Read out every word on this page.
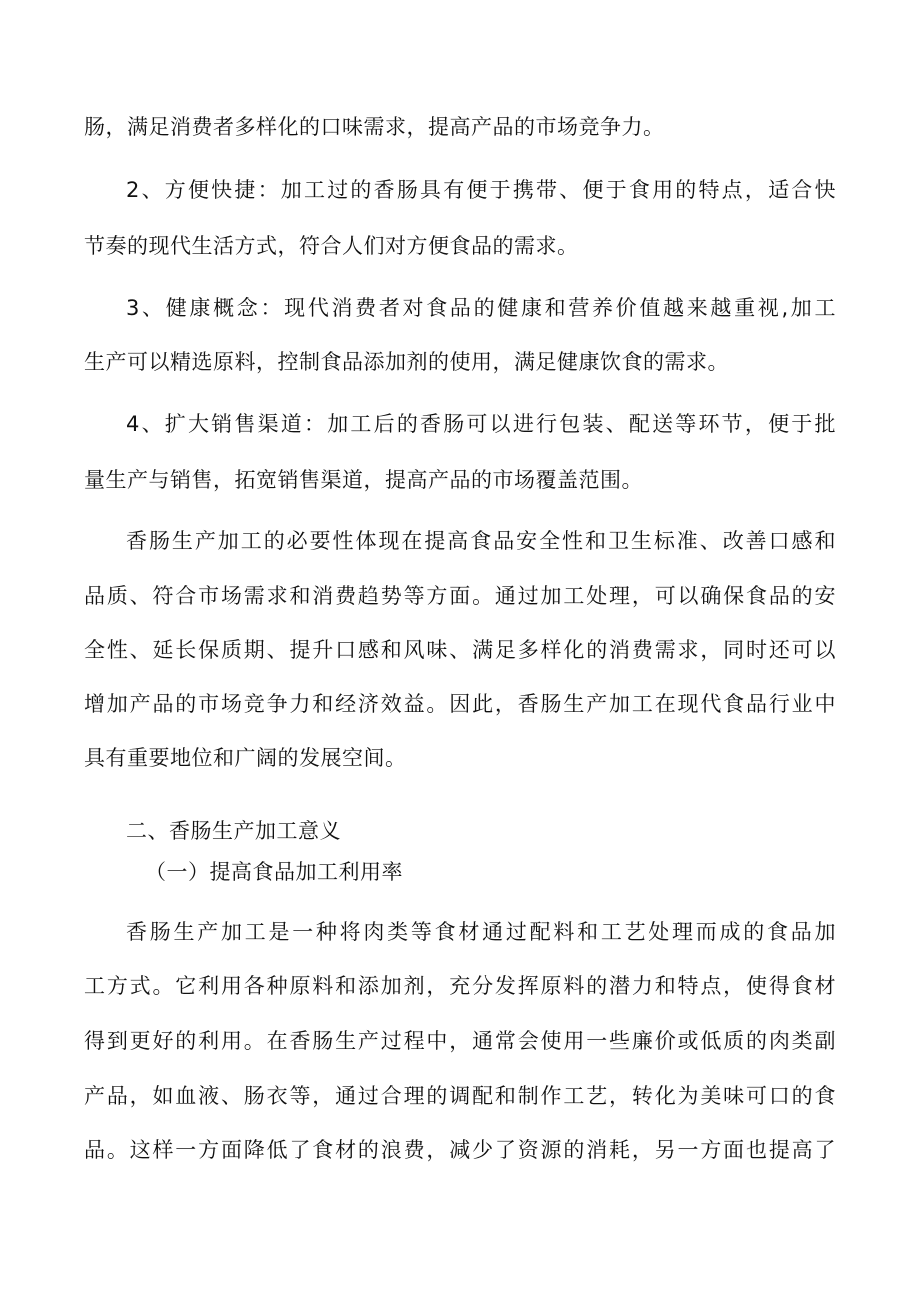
肠，满足消费者多样化的口味需求，提高产品的市场竞争力。

2、方便快捷：加工过的香肠具有便于携带、便于食用的特点，适合快

节奏的现代生活方式，符合人们对方便食品的需求。

3、健康概念：现代消费者对食品的健康和营养价值越来越重视,加工

生产可以精选原料，控制食品添加剂的使用，满足健康饮食的需求。

4、扩大销售渠道：加工后的香肠可以进行包装、配送等环节，便于批

量生产与销售，拓宽销售渠道，提高产品的市场覆盖范围。

香肠生产加工的必要性体现在提高食品安全性和卫生标准、改善口感和

品质、符合市场需求和消费趋势等方面。通过加工处理，可以确保食品的安

全性、延长保质期、提升口感和风味、满足多样化的消费需求，同时还可以

增加产品的市场竞争力和经济效益。因此，香肠生产加工在现代食品行业中

具有重要地位和广阔的发展空间。

二、香肠生产加工意义

（一）提高食品加工利用率

香肠生产加工是一种将肉类等食材通过配料和工艺处理而成的食品加

工方式。它利用各种原料和添加剂，充分发挥原料的潜力和特点，使得食材

得到更好的利用。在香肠生产过程中，通常会使用一些廉价或低质的肉类副

产品，如血液、肠衣等，通过合理的调配和制作工艺，转化为美味可口的食

品。这样一方面降低了食材的浪费，减少了资源的消耗，另一方面也提高了
